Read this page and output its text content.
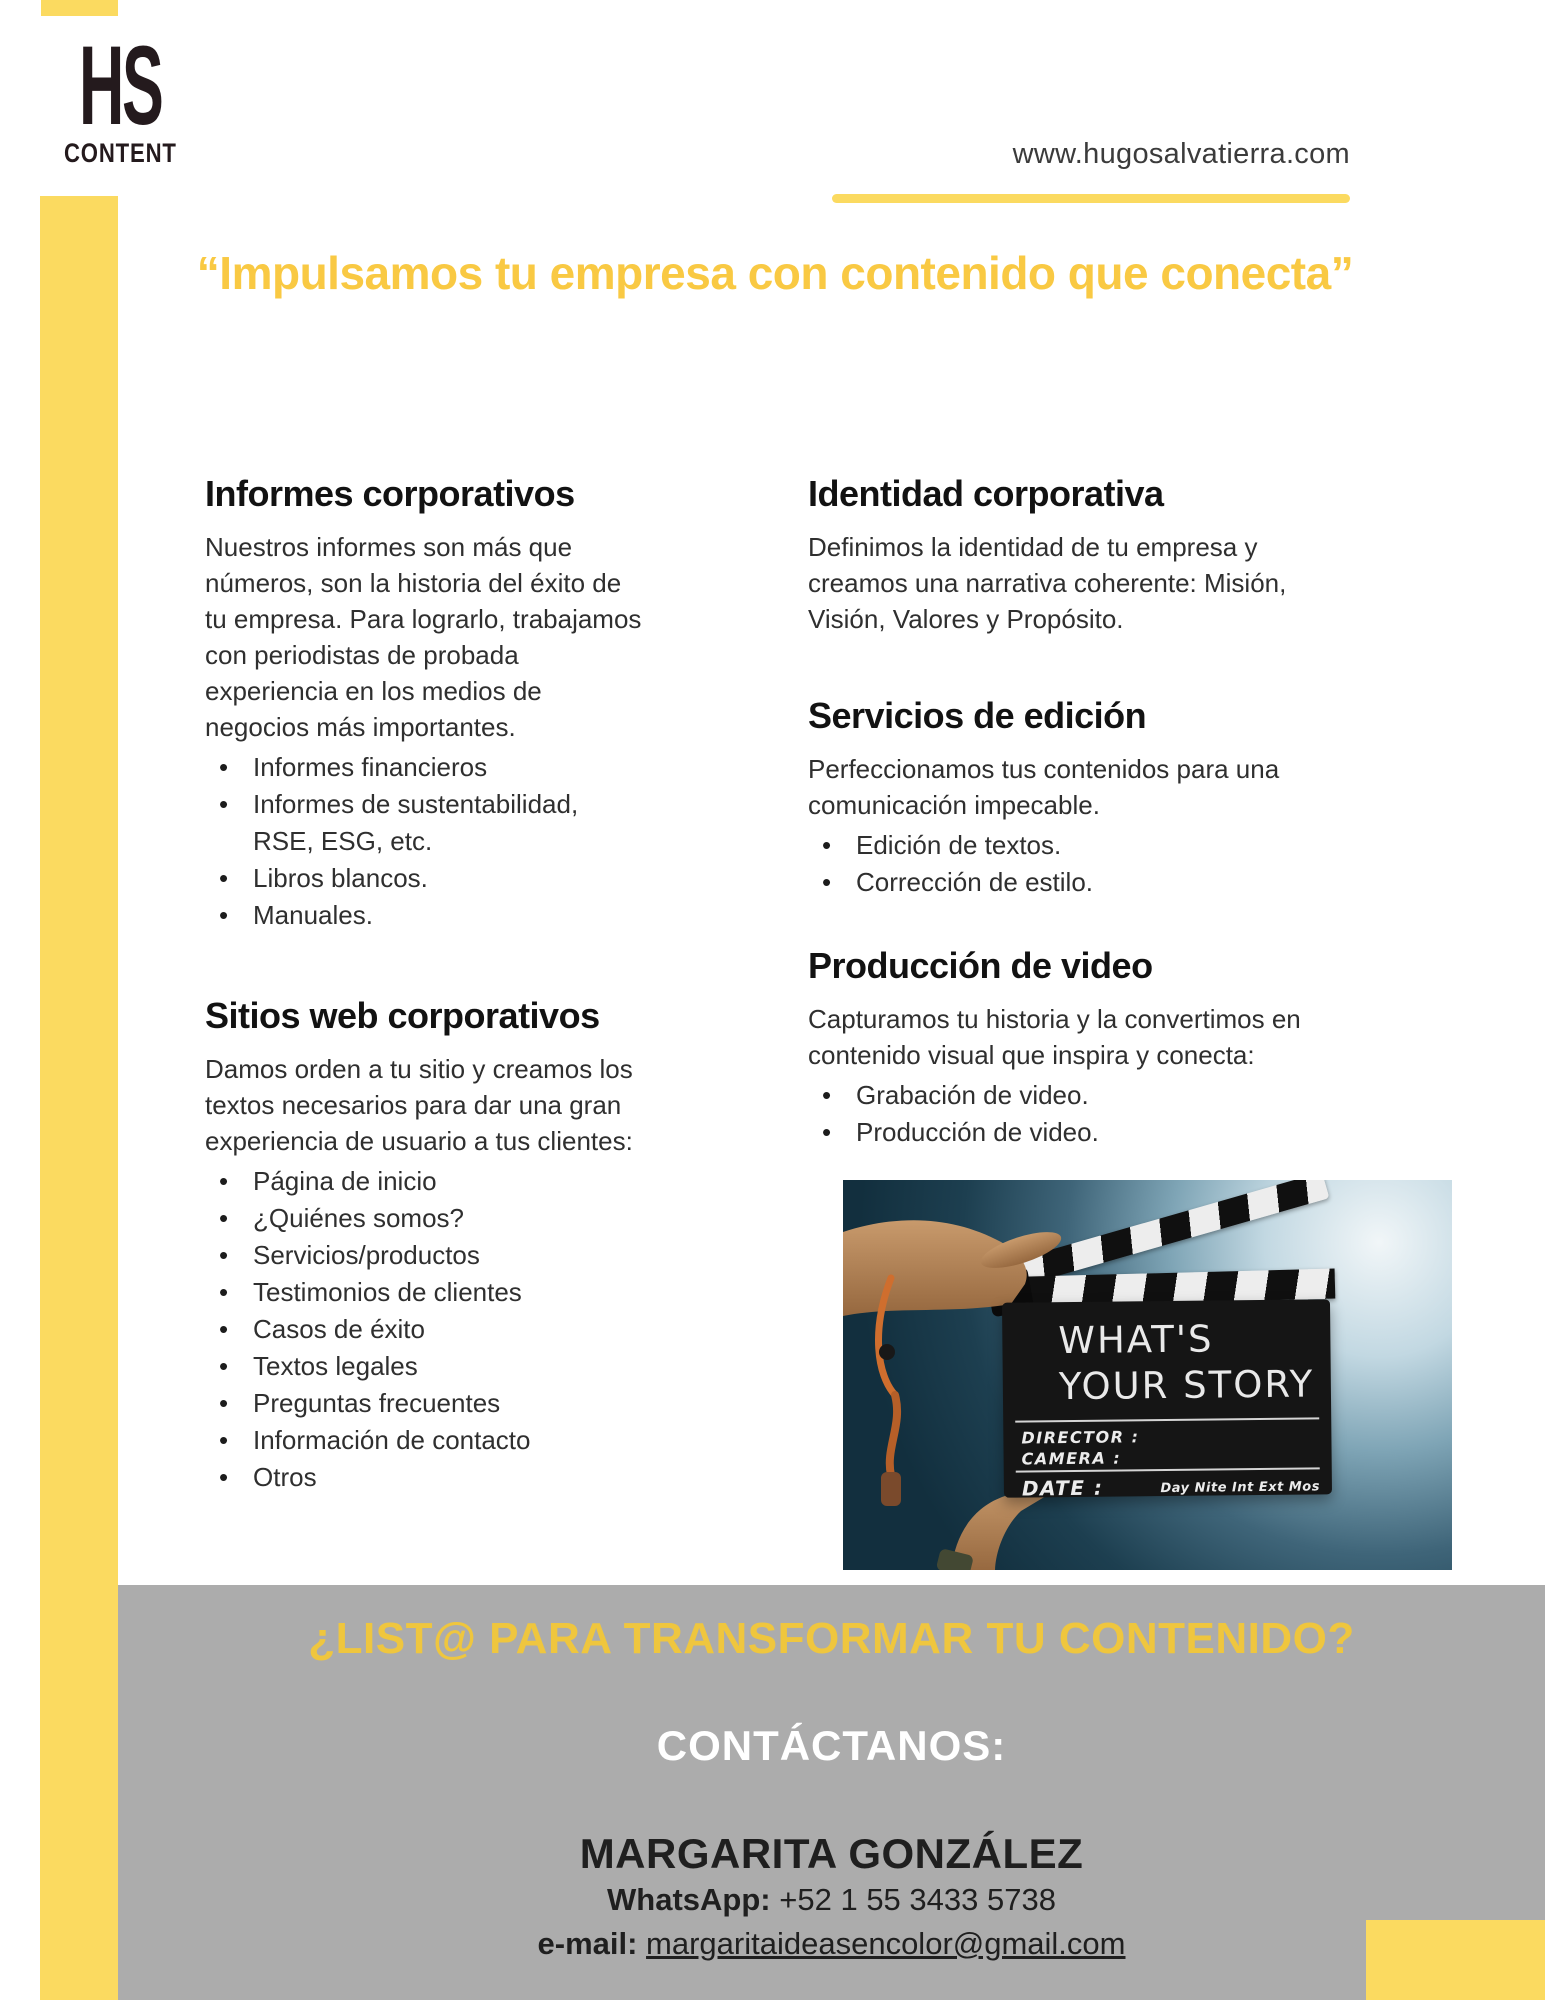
HS
CONTENT	www.hugosalvatierra.com
“Impulsamos tu empresa con contenido que conecta”
Informes corporativos

Nuestros informes son más que números, son la historia del éxito de tu empresa. Para lograrlo, trabajamos con periodistas de probada experiencia en los medios de negocios más importantes.

• Informes financieros
• Informes de sustentabilidad, RSE, ESG, etc.
• Libros blancos.
• Manuales.
Sitios web corporativos

Damos orden a tu sitio y creamos los textos necesarios para dar una gran experiencia de usuario a tus clientes:

• Página de inicio
• ¿Quiénes somos?
• Servicios/productos
• Testimonios de clientes
• Casos de éxito
• Textos legales
• Preguntas frecuentes
• Información de contacto
• Otros
Identidad corporativa

Definimos la identidad de tu empresa y creamos una narrativa coherente: Misión, Visión, Valores y Propósito.

Servicios de edición

Perfeccionamos tus contenidos para una comunicación impecable.

• Edición de textos.
• Corrección de estilo.
Producción de video

Capturamos tu historia y la convertimos en contenido visual que inspira y conecta:

• Grabación de video.
• Producción de video.
WHAT'S
YOUR STORY
DIRECTOR :
CAMERA :
DATE :	Day Nite Int Ext Mos
¿LIST@ PARA TRANSFORMAR TU CONTENIDO?
CONTÁCTANOS:
MARGARITA GONZÁLEZ
WhatsApp: +52 1 55 3433 5738
e-mail: margaritaideasencolor@gmail.com
